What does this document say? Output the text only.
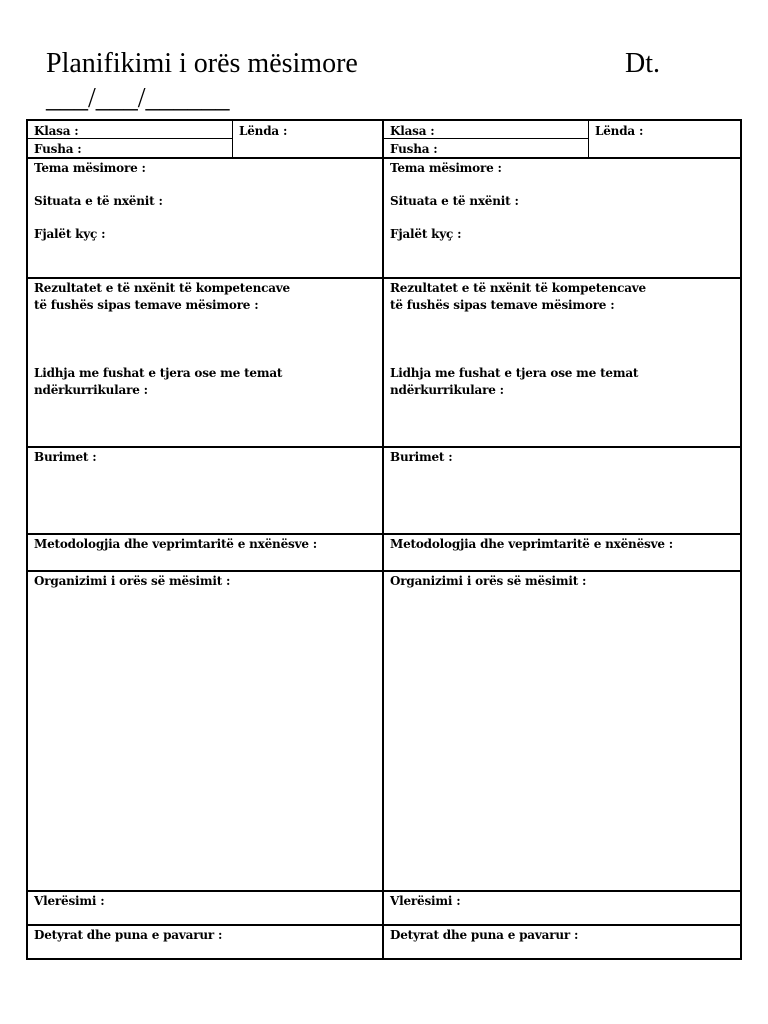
Planifikimi i orës mësimore	Dt.
___/___/______
Klasa :
Fusha :
Lënda :
Tema mësimore :
Situata e të nxënit :
Fjalët kyç :
Rezultatet e të nxënit të kompetencave
të fushës sipas temave mësimore :
Lidhja me fushat e tjera ose me temat
ndërkurrikulare :
Burimet :
Metodologjia dhe veprimtaritë e nxënësve :
Organizimi i orës së mësimit :
Vlerësimi :
Detyrat dhe puna e pavarur :
Klasa :
Fusha :
Lënda :
Tema mësimore :
Situata e të nxënit :
Fjalët kyç :
Rezultatet e të nxënit të kompetencave
të fushës sipas temave mësimore :
Lidhja me fushat e tjera ose me temat
ndërkurrikulare :
Burimet :
Metodologjia dhe veprimtaritë e nxënësve :
Organizimi i orës së mësimit :
Vlerësimi :
Detyrat dhe puna e pavarur :
